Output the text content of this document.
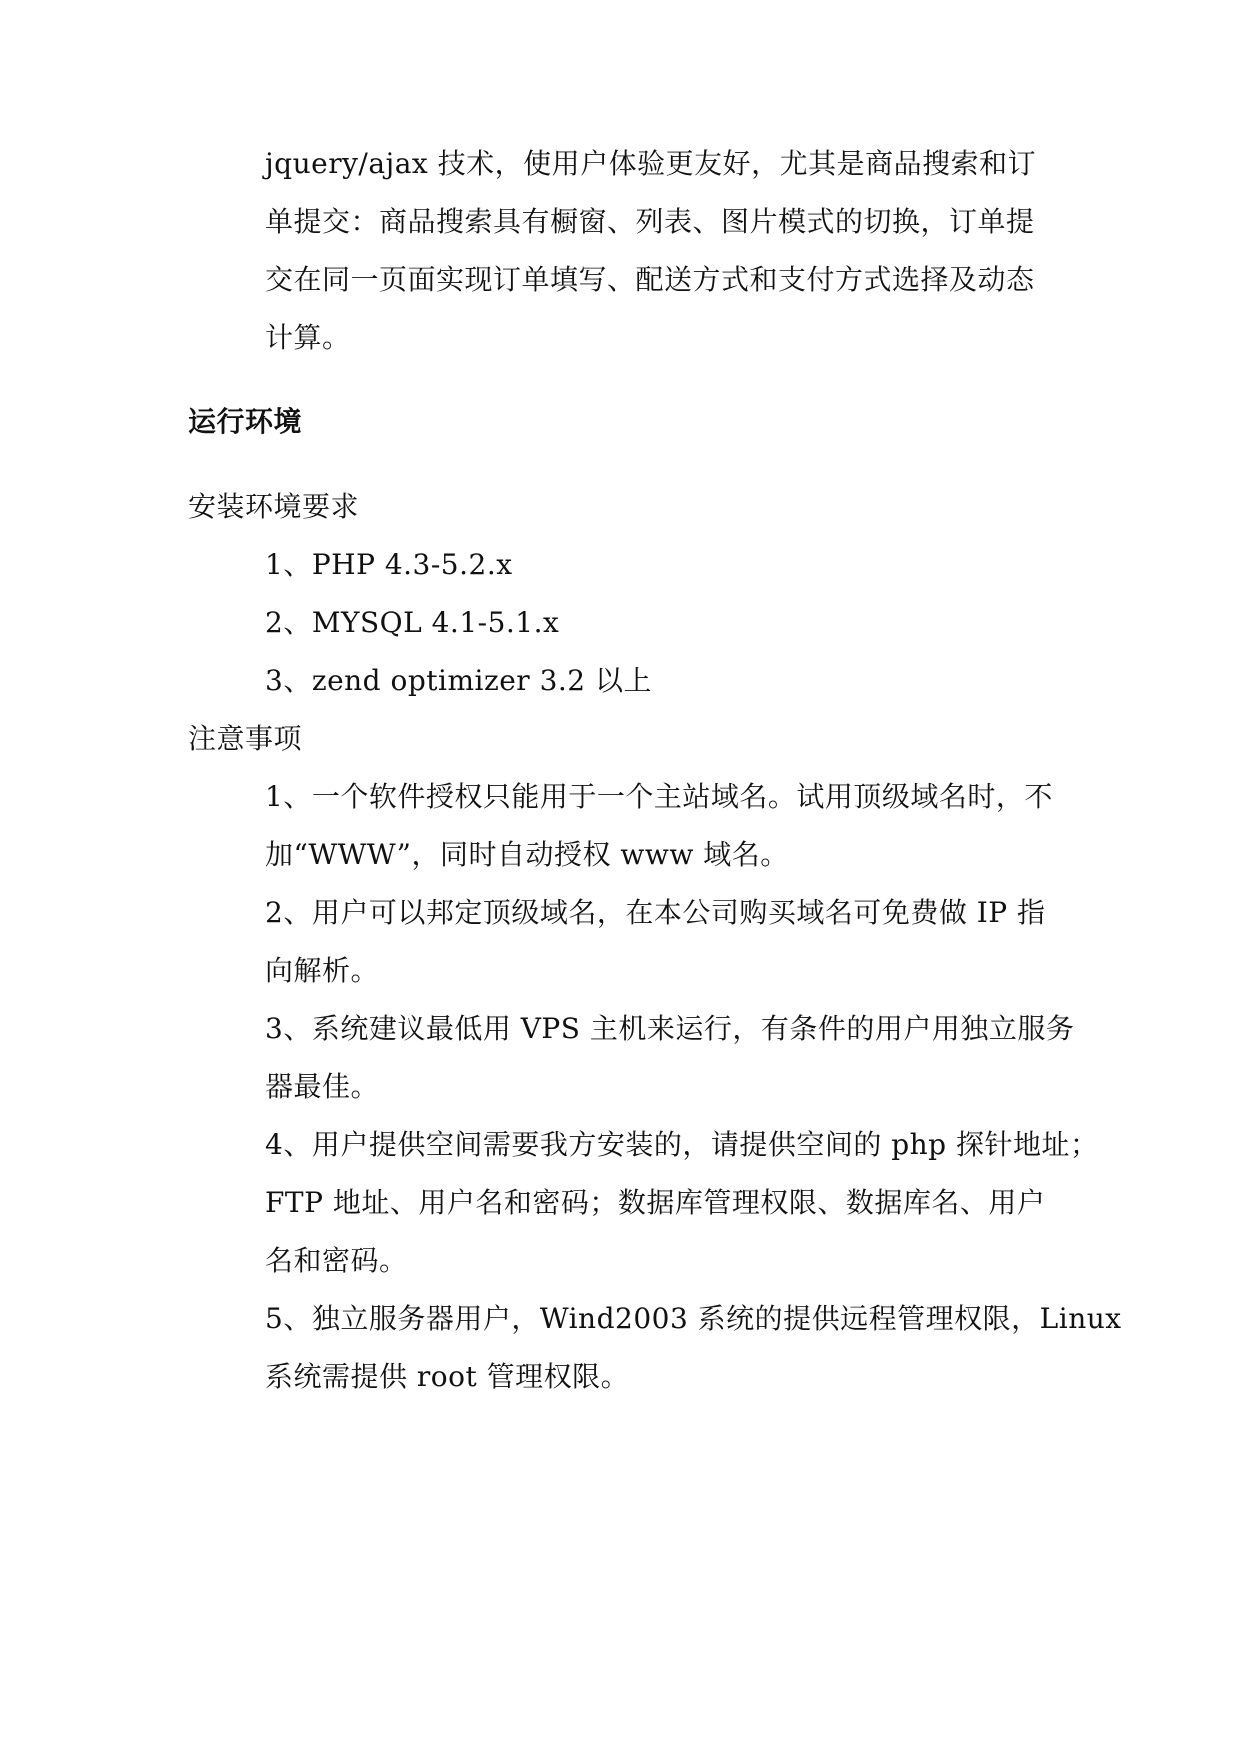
jquery/ajax 技术，使用户体验更友好，尤其是商品搜索和订
单提交：商品搜索具有橱窗、列表、图片模式的切换，订单提
交在同一页面实现订单填写、配送方式和支付方式选择及动态
计算。
运行环境
安装环境要求
1、PHP 4.3-5.2.x
2、MYSQL 4.1-5.1.x
3、zend optimizer 3.2 以上
注意事项
1、一个软件授权只能用于一个主站域名。试用顶级域名时，不
加“WWW”，同时自动授权 www 域名。
2、用户可以邦定顶级域名，在本公司购买域名可免费做 IP 指
向解析。
3、系统建议最低用 VPS 主机来运行，有条件的用户用独立服务
器最佳。
4、用户提供空间需要我方安装的，请提供空间的 php 探针地址；
FTP 地址、用户名和密码；数据库管理权限、数据库名、用户
名和密码。
5、独立服务器用户，Wind2003 系统的提供远程管理权限，Linux
系统需提供 root 管理权限。
